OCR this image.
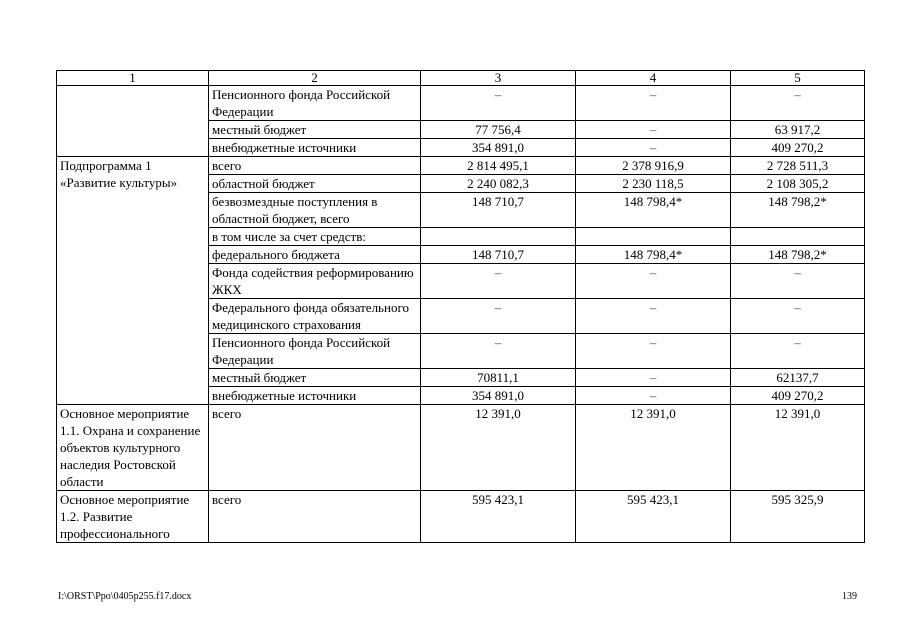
1	2	3	4	5
	Пенсионного фонда Российской Федерации	–	–	–
	местный бюджет	77 756,4	–	63 917,2
	внебюджетные источники	354 891,0	–	409 270,2
Подпрограмма 1 «Развитие культуры»	всего	2 814 495,1	2 378 916,9	2 728 511,3
	областной бюджет	2 240 082,3	2 230 118,5	2 108 305,2
	безвозмездные поступления в областной бюджет, всего	148 710,7	148 798,4*	148 798,2*
	в том числе за счет средств:			
	федерального бюджета	148 710,7	148 798,4*	148 798,2*
	Фонда содействия реформированию ЖКХ	–	–	–
	Федерального фонда обязательного медицинского страхования	–	–	–
	Пенсионного фонда Российской Федерации	–	–	–
	местный бюджет	70811,1	–	62137,7
	внебюджетные источники	354 891,0	–	409 270,2
Основное мероприятие 1.1. Охрана и сохранение объектов культурного наследия Ростовской области	всего	12 391,0	12 391,0	12 391,0
Основное мероприятие 1.2. Развитие профессионального	всего	595 423,1	595 423,1	595 325,9
I:\ORST\Ppo\0405p255.f17.docx	139
